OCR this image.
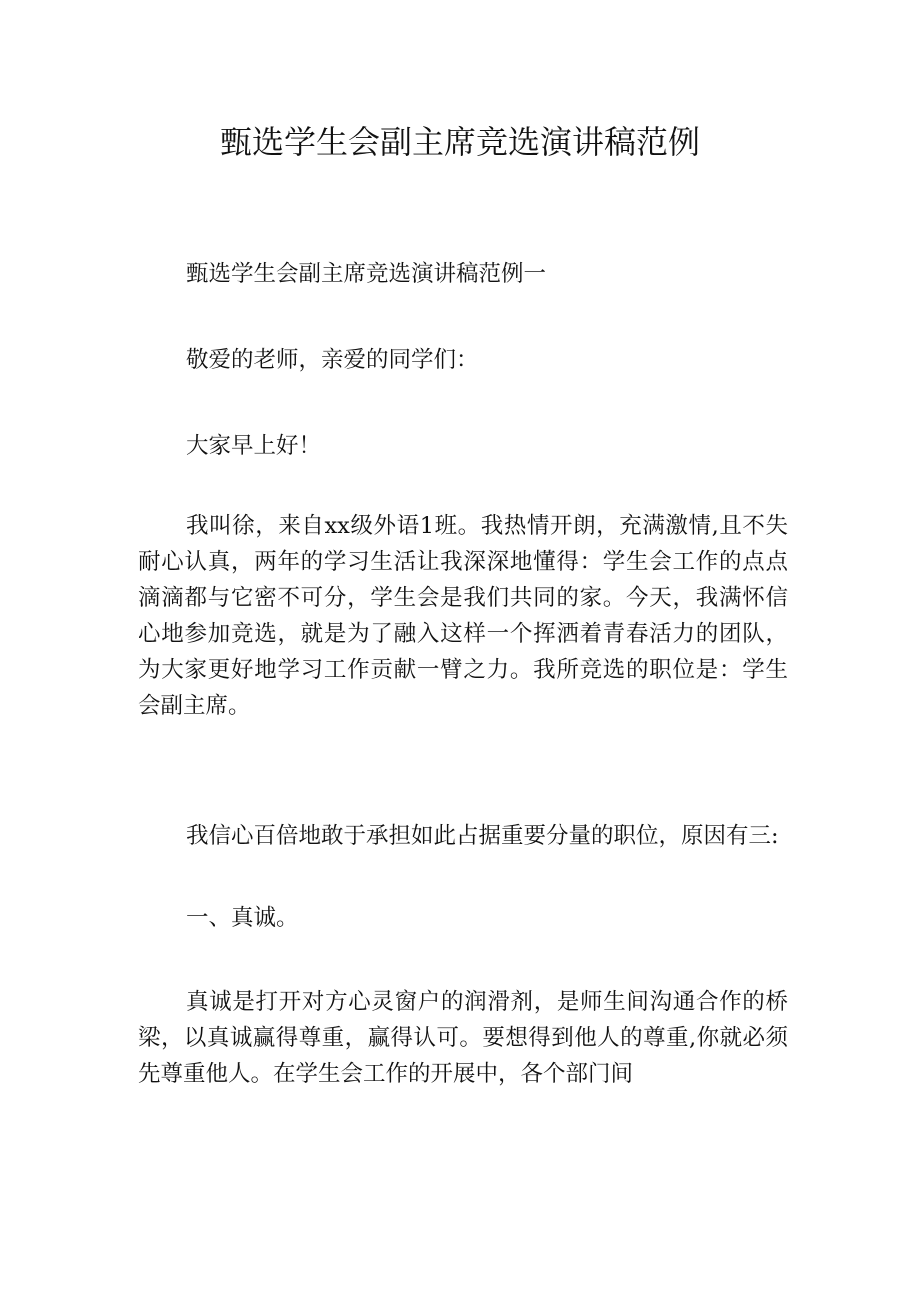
甄选学生会副主席竞选演讲稿范例
甄选学生会副主席竞选演讲稿范例一
敬爱的老师，亲爱的同学们：
大家早上好！
我叫徐，来自xx级外语1班。我热情开朗，充满激情,且不失耐心认真，两年的学习生活让我深深地懂得：学生会工作的点点滴滴都与它密不可分，学生会是我们共同的家。今天，我满怀信心地参加竞选，就是为了融入这样一个挥洒着青春活力的团队，为大家更好地学习工作贡献一臂之力。我所竞选的职位是：学生会副主席。
我信心百倍地敢于承担如此占据重要分量的职位，原因有三:
一、真诚。
真诚是打开对方心灵窗户的润滑剂，是师生间沟通合作的桥梁，以真诚赢得尊重，赢得认可。要想得到他人的尊重,你就必须先尊重他人。在学生会工作的开展中，各个部门间
